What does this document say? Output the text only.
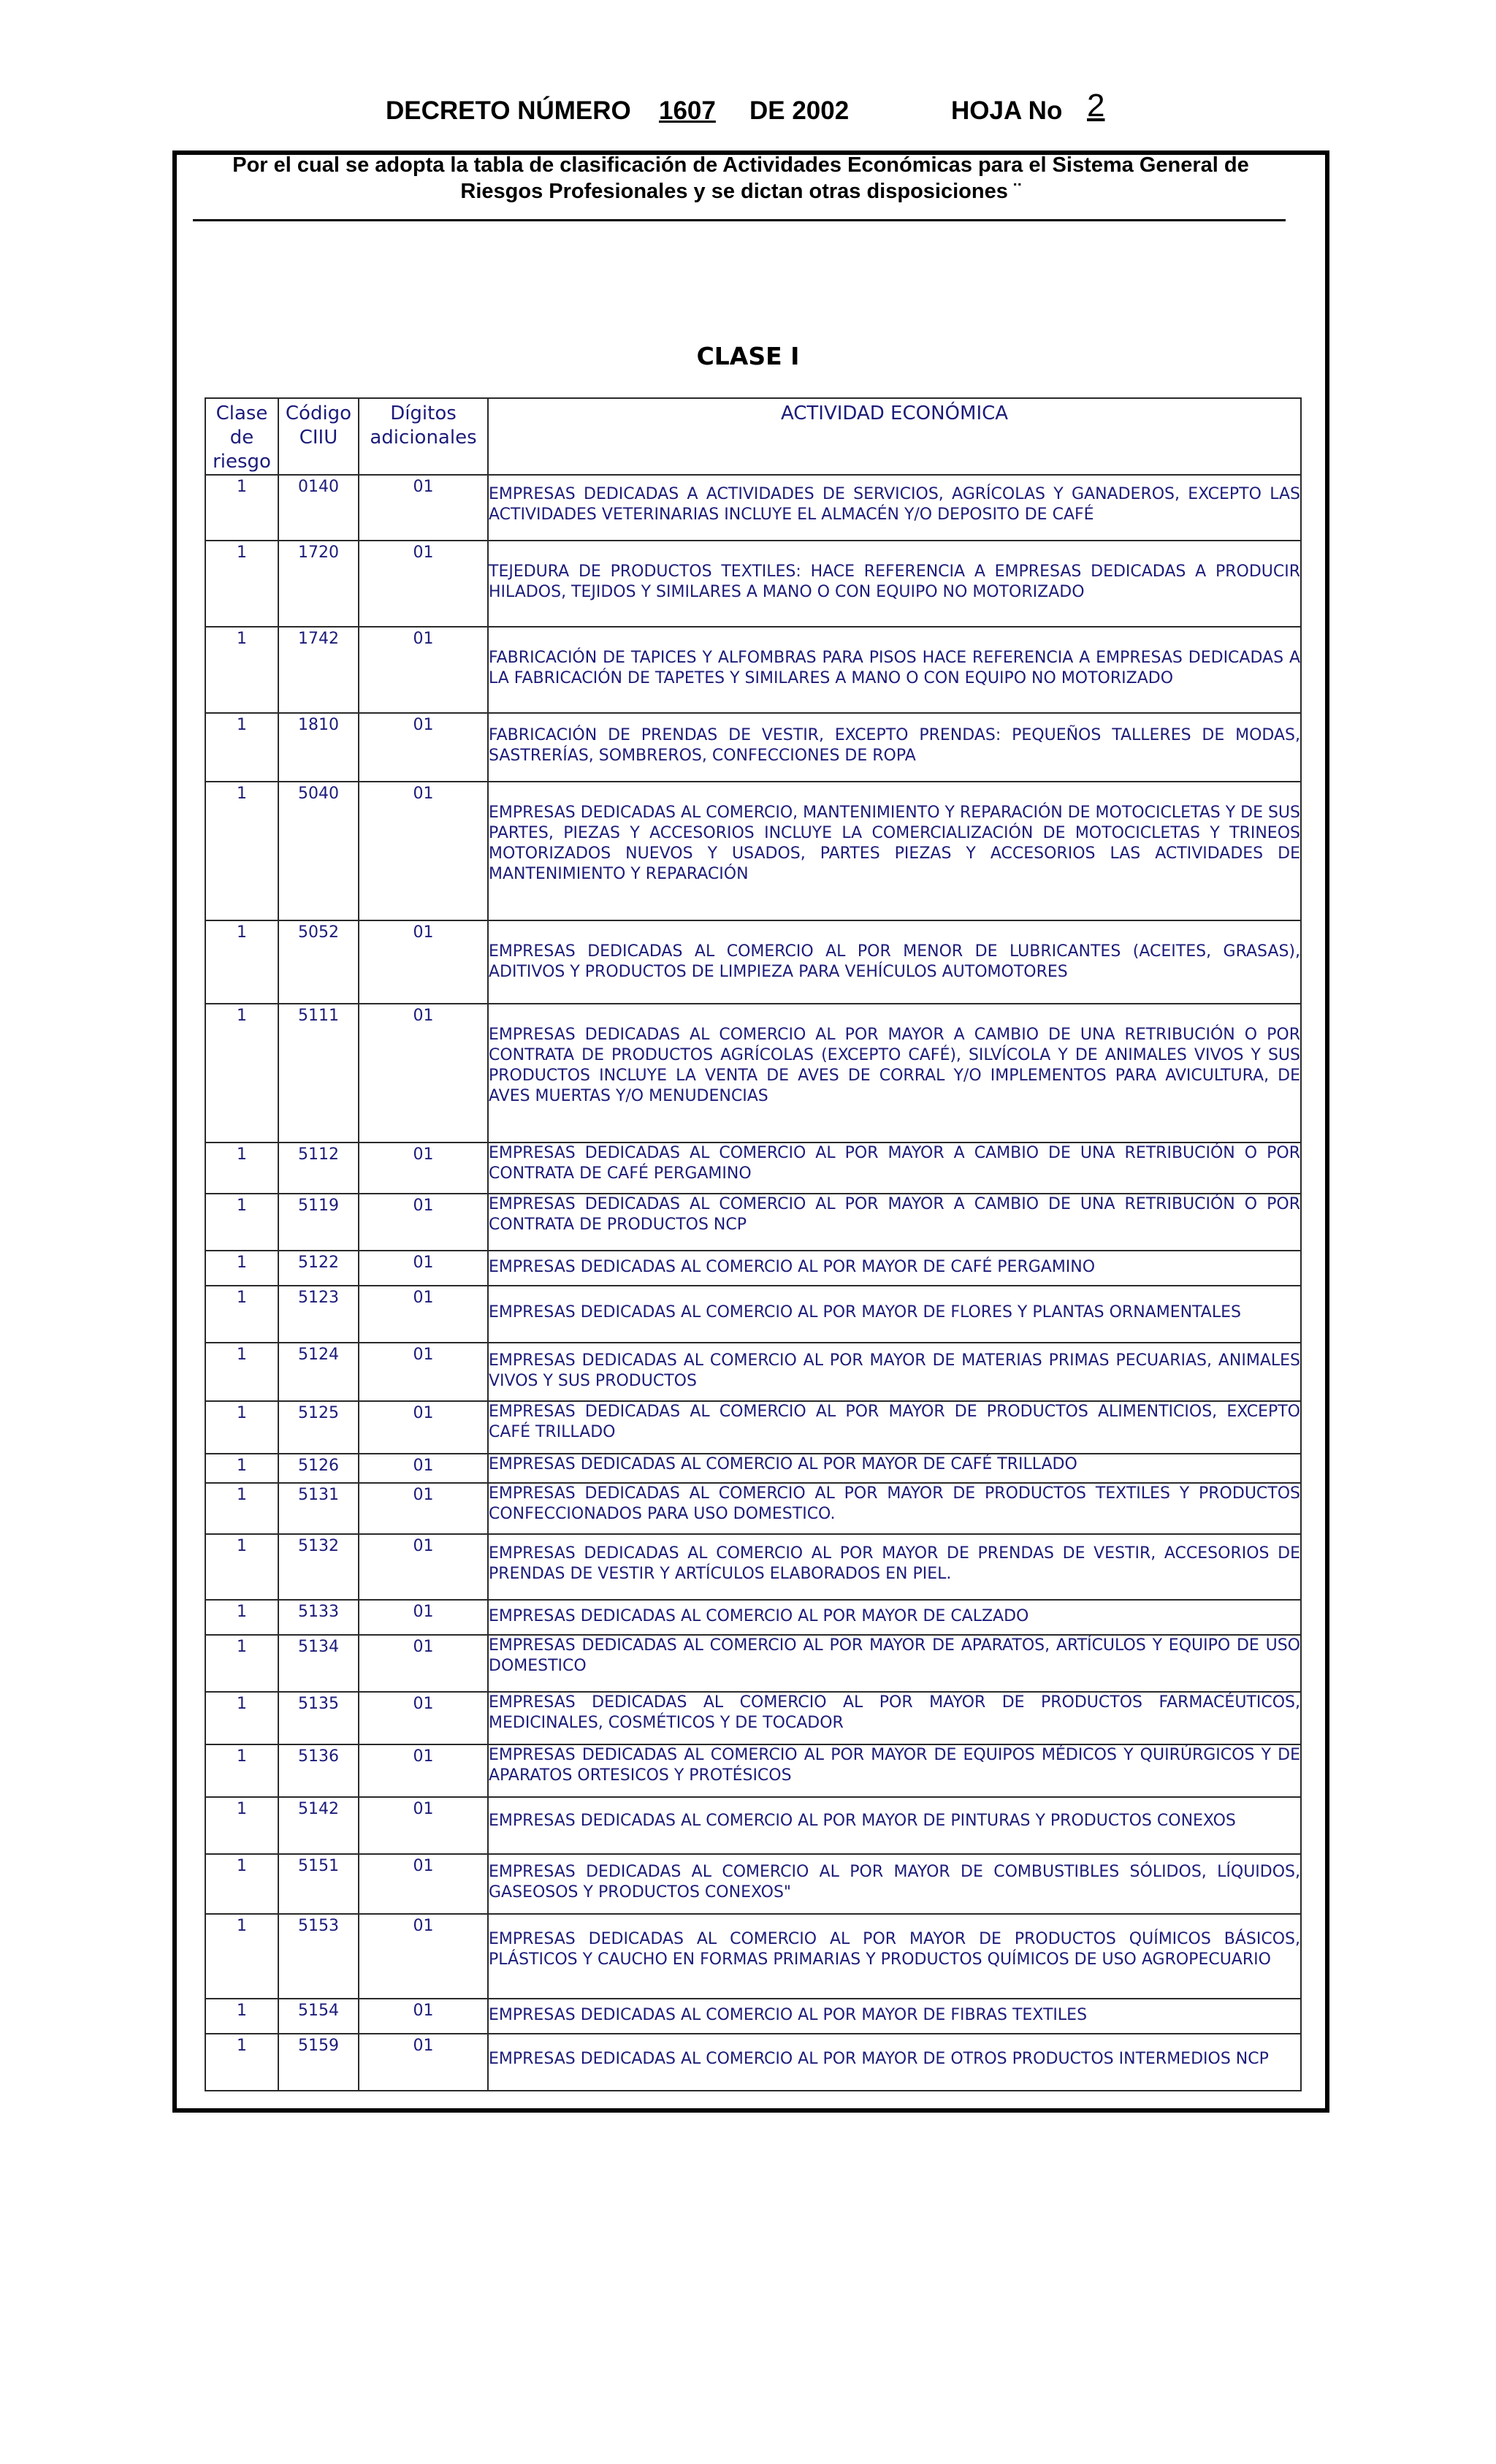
DECRETO NÚMERO 1607 DE 2002	HOJA No 2
Por el cual se adopta la tabla de clasificación de Actividades Económicas para el Sistema General de Riesgos Profesionales y se dictan otras disposiciones ¨
CLASE I
Clase de riesgo	Código CIIU	Dígitos adicionales	ACTIVIDAD ECONÓMICA
1	0140	01	EMPRESAS DEDICADAS A ACTIVIDADES DE SERVICIOS, AGRÍCOLAS Y GANADEROS, EXCEPTO LAS ACTIVIDADES VETERINARIAS INCLUYE EL ALMACÉN Y/O DEPOSITO DE CAFÉ

1	1720	01	TEJEDURA DE PRODUCTOS TEXTILES: HACE REFERENCIA A EMPRESAS DEDICADAS A PRODUCIR HILADOS, TEJIDOS Y SIMILARES A MANO O CON EQUIPO NO MOTORIZADO

1	1742	01	FABRICACIÓN DE TAPICES Y ALFOMBRAS PARA PISOS HACE REFERENCIA A EMPRESAS DEDICADAS A LA FABRICACIÓN DE TAPETES Y SIMILARES A MANO O CON EQUIPO NO MOTORIZADO

1	1810	01	FABRICACIÓN DE PRENDAS DE VESTIR, EXCEPTO PRENDAS: PEQUEÑOS TALLERES DE MODAS, SASTRERÍAS, SOMBREROS, CONFECCIONES DE ROPA

1	5040	01	EMPRESAS DEDICADAS AL COMERCIO, MANTENIMIENTO Y REPARACIÓN DE MOTOCICLETAS Y DE SUS PARTES, PIEZAS Y ACCESORIOS INCLUYE LA COMERCIALIZACIÓN DE MOTOCICLETAS Y TRINEOS MOTORIZADOS NUEVOS Y USADOS, PARTES PIEZAS Y ACCESORIOS LAS ACTIVIDADES DE MANTENIMIENTO Y REPARACIÓN

1	5052	01	EMPRESAS DEDICADAS AL COMERCIO AL POR MENOR DE LUBRICANTES (ACEITES, GRASAS), ADITIVOS Y PRODUCTOS DE LIMPIEZA PARA VEHÍCULOS AUTOMOTORES

1	5111	01	EMPRESAS DEDICADAS AL COMERCIO AL POR MAYOR A CAMBIO DE UNA RETRIBUCIÓN O POR CONTRATA DE PRODUCTOS AGRÍCOLAS (EXCEPTO CAFÉ), SILVÍCOLA Y DE ANIMALES VIVOS Y SUS PRODUCTOS INCLUYE LA VENTA DE AVES DE CORRAL Y/O IMPLEMENTOS PARA AVICULTURA, DE AVES MUERTAS Y/O MENUDENCIAS

1	5112	01	EMPRESAS DEDICADAS AL COMERCIO AL POR MAYOR A CAMBIO DE UNA RETRIBUCIÓN O POR CONTRATA DE CAFÉ PERGAMINO

1	5119	01	EMPRESAS DEDICADAS AL COMERCIO AL POR MAYOR A CAMBIO DE UNA RETRIBUCIÓN O POR CONTRATA DE PRODUCTOS NCP

1	5122	01	EMPRESAS DEDICADAS AL COMERCIO AL POR MAYOR DE CAFÉ PERGAMINO

1	5123	01	EMPRESAS DEDICADAS AL COMERCIO AL POR MAYOR DE FLORES Y PLANTAS ORNAMENTALES

1	5124	01	EMPRESAS DEDICADAS AL COMERCIO AL POR MAYOR DE MATERIAS PRIMAS PECUARIAS, ANIMALES VIVOS Y SUS PRODUCTOS

1	5125	01	EMPRESAS DEDICADAS AL COMERCIO AL POR MAYOR DE PRODUCTOS ALIMENTICIOS, EXCEPTO CAFÉ TRILLADO

1	5126	01	EMPRESAS DEDICADAS AL COMERCIO AL POR MAYOR DE CAFÉ TRILLADO

1	5131	01	EMPRESAS DEDICADAS AL COMERCIO AL POR MAYOR DE PRODUCTOS TEXTILES Y PRODUCTOS CONFECCIONADOS PARA USO DOMESTICO.

1	5132	01	EMPRESAS DEDICADAS AL COMERCIO AL POR MAYOR DE PRENDAS DE VESTIR, ACCESORIOS DE PRENDAS DE VESTIR Y ARTÍCULOS ELABORADOS EN PIEL.

1	5133	01	EMPRESAS DEDICADAS AL COMERCIO AL POR MAYOR DE CALZADO

1	5134	01	EMPRESAS DEDICADAS AL COMERCIO AL POR MAYOR DE APARATOS, ARTÍCULOS Y EQUIPO DE USO DOMESTICO

1	5135	01	EMPRESAS DEDICADAS AL COMERCIO AL POR MAYOR DE PRODUCTOS FARMACÉUTICOS, MEDICINALES, COSMÉTICOS Y DE TOCADOR

1	5136	01	EMPRESAS DEDICADAS AL COMERCIO AL POR MAYOR DE EQUIPOS MÉDICOS Y QUIRÚRGICOS Y DE APARATOS ORTESICOS Y PROTÉSICOS

1	5142	01	EMPRESAS DEDICADAS AL COMERCIO AL POR MAYOR DE PINTURAS Y PRODUCTOS CONEXOS

1	5151	01	EMPRESAS DEDICADAS AL COMERCIO AL POR MAYOR DE COMBUSTIBLES SÓLIDOS, LÍQUIDOS, GASEOSOS Y PRODUCTOS CONEXOS"

1	5153	01	EMPRESAS DEDICADAS AL COMERCIO AL POR MAYOR DE PRODUCTOS QUÍMICOS BÁSICOS, PLÁSTICOS Y CAUCHO EN FORMAS PRIMARIAS Y PRODUCTOS QUÍMICOS DE USO AGROPECUARIO

1	5154	01	EMPRESAS DEDICADAS AL COMERCIO AL POR MAYOR DE FIBRAS TEXTILES

1	5159	01	EMPRESAS DEDICADAS AL COMERCIO AL POR MAYOR DE OTROS PRODUCTOS INTERMEDIOS NCP
